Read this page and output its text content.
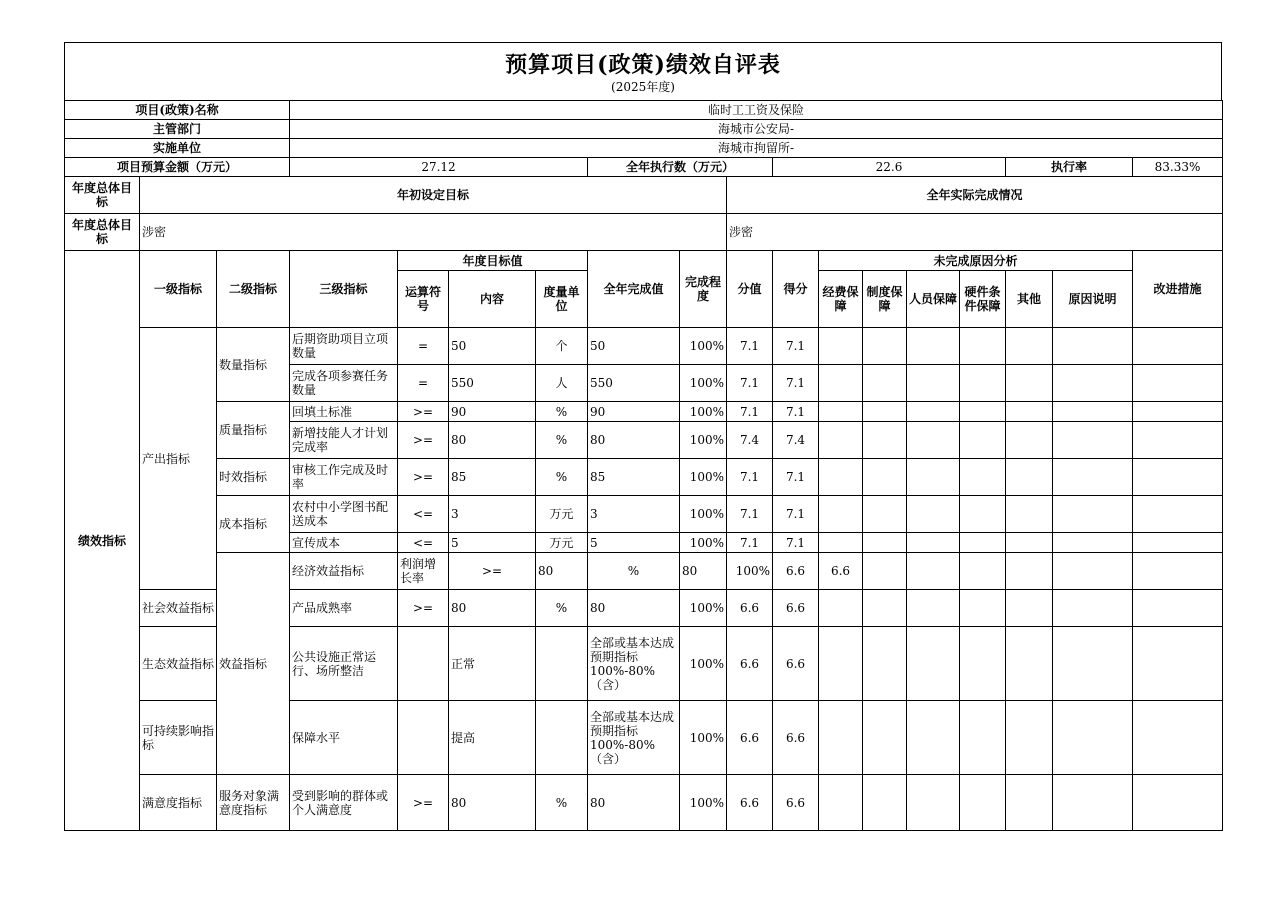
预算项目(政策)绩效自评表
(2025年度)
项目(政策)名称			临时工工资及保险															
主管部门			海城市公安局-															
实施单位			海城市拘留所-															
项目预算金额（万元）			27.12				全年执行数（万元）			22.6					执行率		83.33%	
年度总体目标	年初设定目标								全年实际完成情况									
年度总体目标	涉密								涉密									
绩效指标	一级指标	二级指标	三级指标	年度目标值			全年完成值	完成程度	分值	得分	未完成原因分析						改进措施	
				运算符号	内容	度量单位					经费保障	制度保障	人员保障	硬件条件保障	其他	原因说明		
	产出指标	数量指标	后期资助项目立项数量	=	50	个	50	100%	7.1	7.1								
			完成各项参赛任务数量	=	550	人	550	100%	7.1	7.1								
		质量指标	回填土标准	>=	90	%	90	100%	7.1	7.1								
			新增技能人才计划完成率	>=	80	%	80	100%	7.4	7.4								
		时效指标	审核工作完成及时率	>=	85	%	85	100%	7.1	7.1								
		成本指标	农村中小学图书配送成本	<=	3	万元	3	100%	7.1	7.1								
			宣传成本	<=	5	万元	5	100%	7.1	7.1								
		效益指标	经济效益指标	利润增长率	>=	80	%	80	100%	6.6	6.6							
	社会效益指标		产品成熟率	>=	80	%	80	100%	6.6	6.6								
	生态效益指标		公共设施正常运行、场所整洁		正常		全部或基本达成预期指标100%-80%（含）	100%	6.6	6.6								
	可持续影响指标		保障水平		提高		全部或基本达成预期指标100%-80%（含）	100%	6.6	6.6								
	满意度指标	服务对象满意度指标	受到影响的群体或个人满意度	>=	80	%	80	100%	6.6	6.6								
